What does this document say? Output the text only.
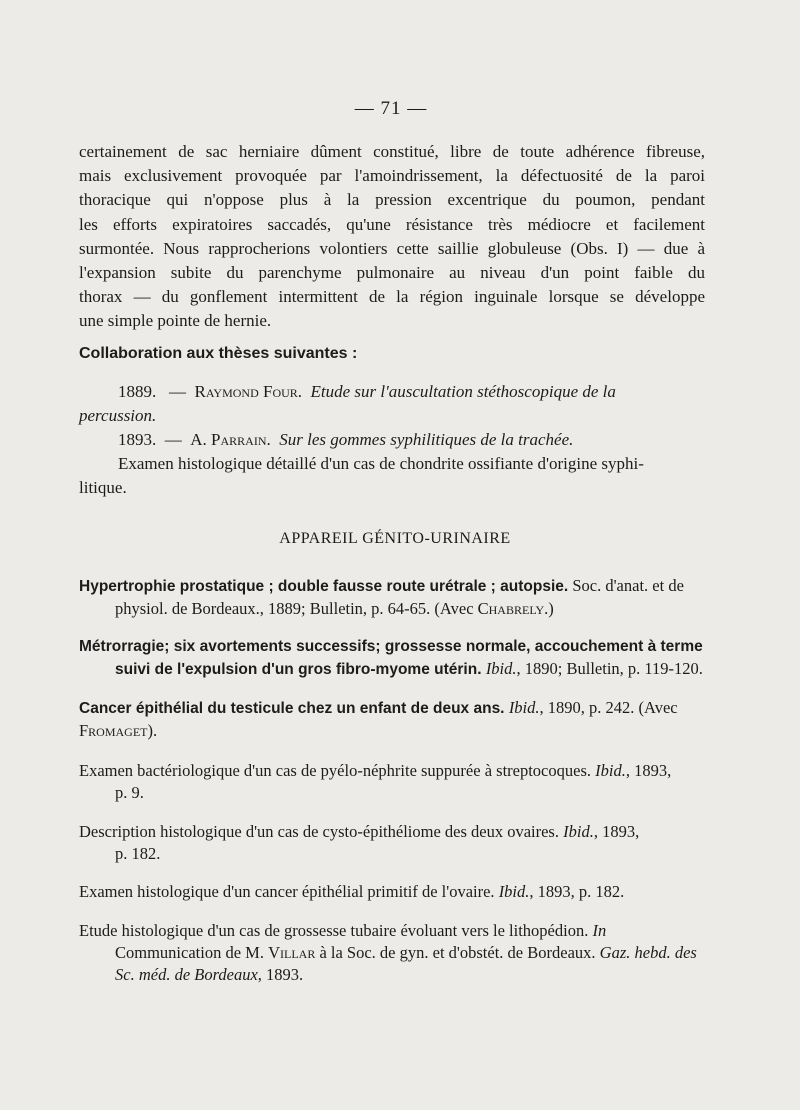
— 71 —
certainement de sac herniaire dûment constitué, libre de toute adhérence fibreuse,
mais exclusivement provoquée par l'amoindrissement, la défectuosité de la paroi
thoracique qui n'oppose plus à la pression excentrique du poumon, pendant
les efforts expiratoires saccadés, qu'une résistance très médiocre et facilement
surmontée. Nous rapprocherions volontiers cette saillie globuleuse (Obs. I) — due à
l'expansion subite du parenchyme pulmonaire au niveau d'un point faible du
thorax — du gonflement intermittent de la région inguinale lorsque se développe
une simple pointe de hernie.
Collaboration aux thèses suivantes :
1889. — Raymond Four. Etude sur l'auscultation stéthoscopique de la
percussion.
1893. — A. Parrain. Sur les gommes syphilitiques de la trachée.
Examen histologique détaillé d'un cas de chondrite ossifiante d'origine syphi-
litique.
APPAREIL GÉNITO-URINAIRE
Hypertrophie prostatique ; double fausse route urétrale ; autopsie. Soc. d'anat. et de
physiol. de Bordeaux., 1889; Bulletin, p. 64-65. (Avec Chabrely.)
Métrorragie; six avortements successifs; grossesse normale, accouchement à terme
suivi de l'expulsion d'un gros fibro-myome utérin. Ibid., 1890; Bulletin, p. 119-120.
Cancer épithélial du testicule chez un enfant de deux ans. Ibid., 1890, p. 242. (Avec
Fromaget).
Examen bactériologique d'un cas de pyélo-néphrite suppurée à streptocoques. Ibid., 1893,
p. 9.
Description histologique d'un cas de cysto-épithéliome des deux ovaires. Ibid., 1893,
p. 182.
Examen histologique d'un cancer épithélial primitif de l'ovaire. Ibid., 1893, p. 182.
Etude histologique d'un cas de grossesse tubaire évoluant vers le lithopédion. In
Communication de M. Villar à la Soc. de gyn. et d'obstét. de Bordeaux. Gaz. hebd. des
Sc. méd. de Bordeaux, 1893.
